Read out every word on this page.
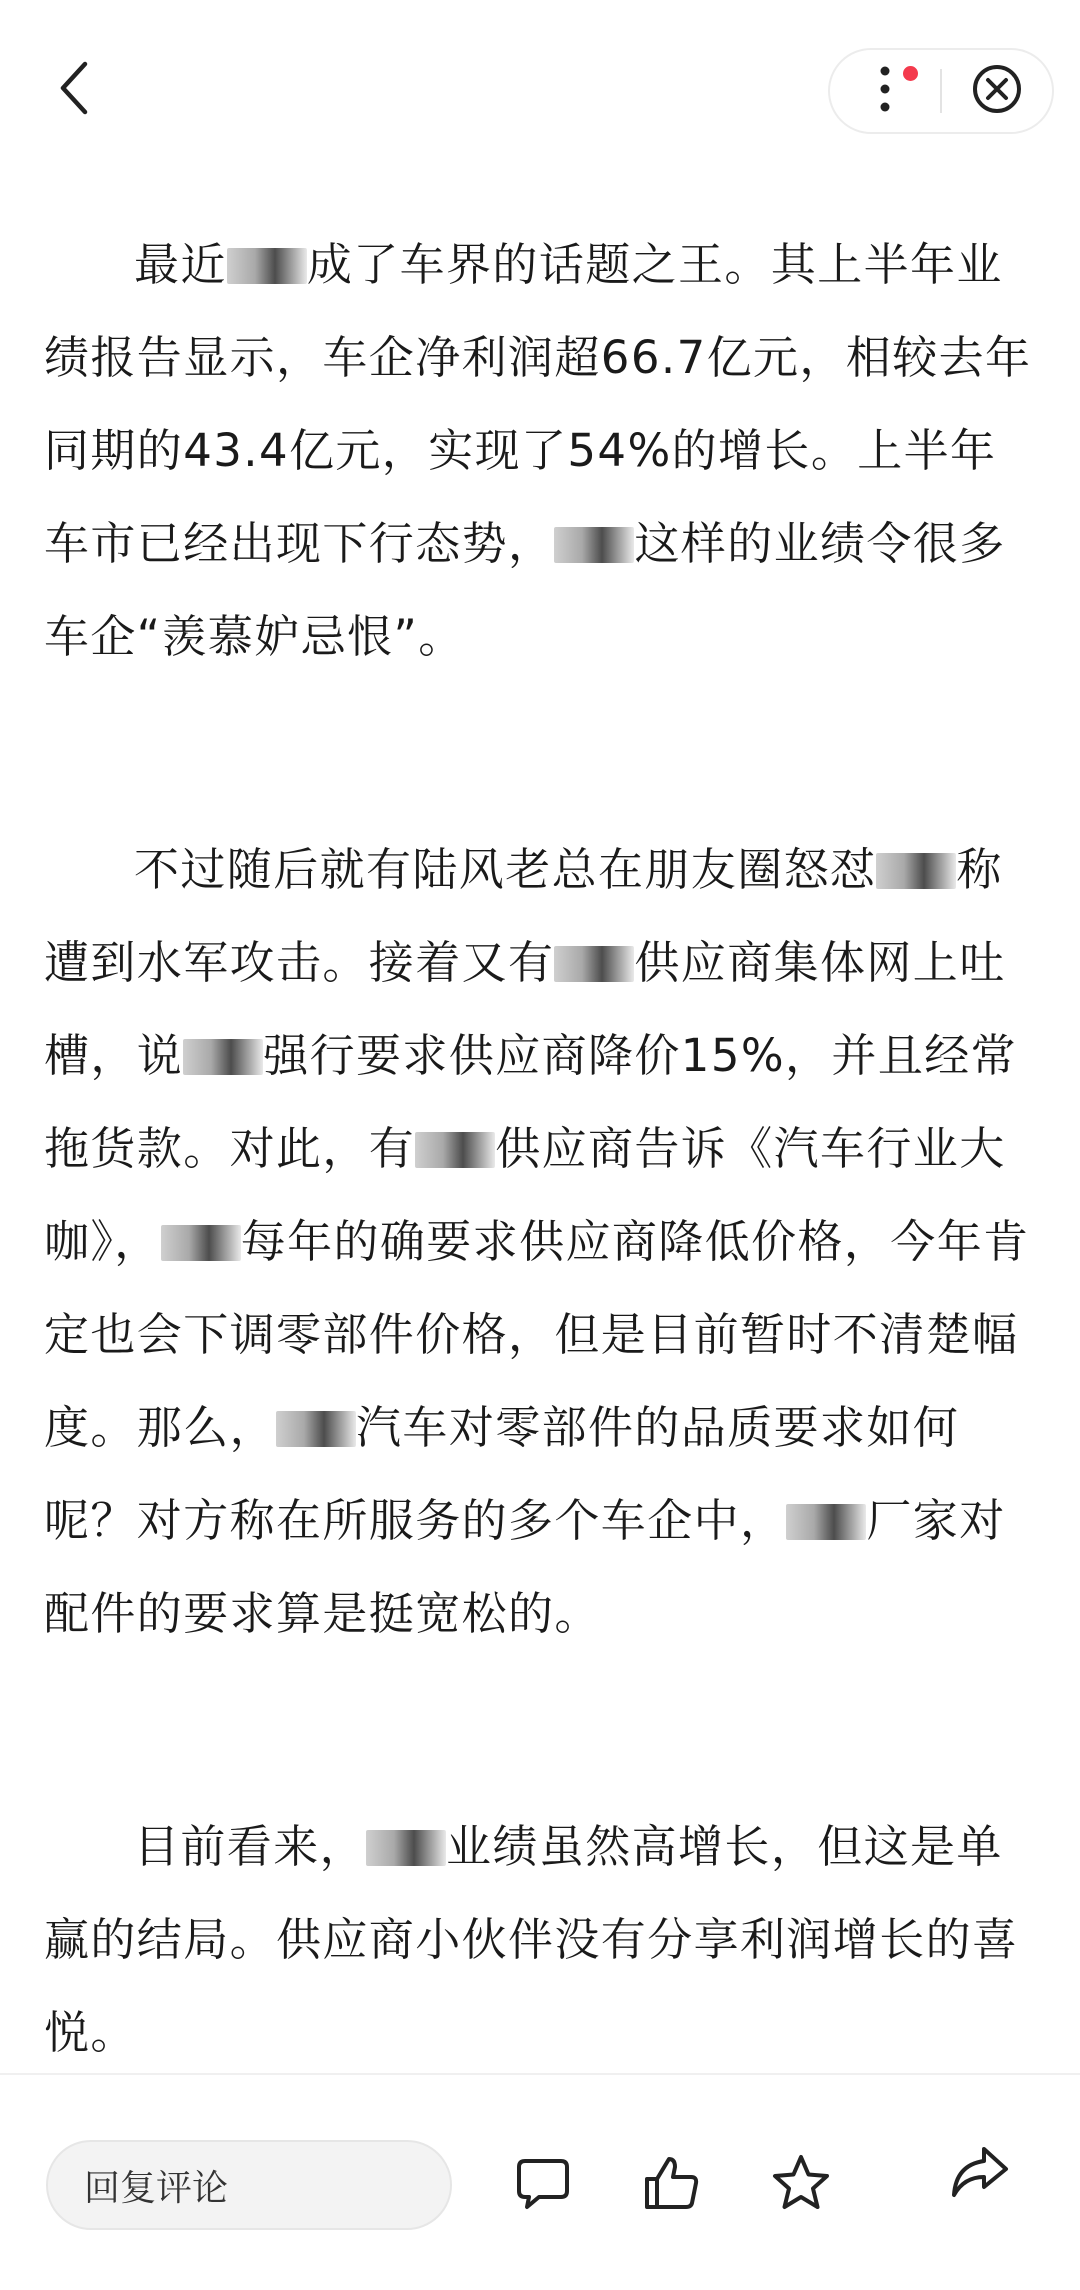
最近 成了车界的话题之王。其上半年业绩报告显示，车企净利润超66.7亿元，相较去年同期的43.4亿元，实现了54%的增长。上半年车市已经出现下行态势， 这样的业绩令很多车企“羡慕妒忌恨”。

不过随后就有陆风老总在朋友圈怒怼 称遭到水军攻击。接着又有 供应商集体网上吐槽，说 强行要求供应商降价15%，并且经常拖货款。对此，有 供应商告诉《汽车行业大咖》， 每年的确要求供应商降低价格，今年肯定也会下调零部件价格，但是目前暂时不清楚幅度。那么， 汽车对零部件的品质要求如何呢？对方称在所服务的多个车企中， 厂家对配件的要求算是挺宽松的。

目前看来， 业绩虽然高增长，但这是单赢的结局。供应商小伙伴没有分享利润增长的喜悦。

回复评论
